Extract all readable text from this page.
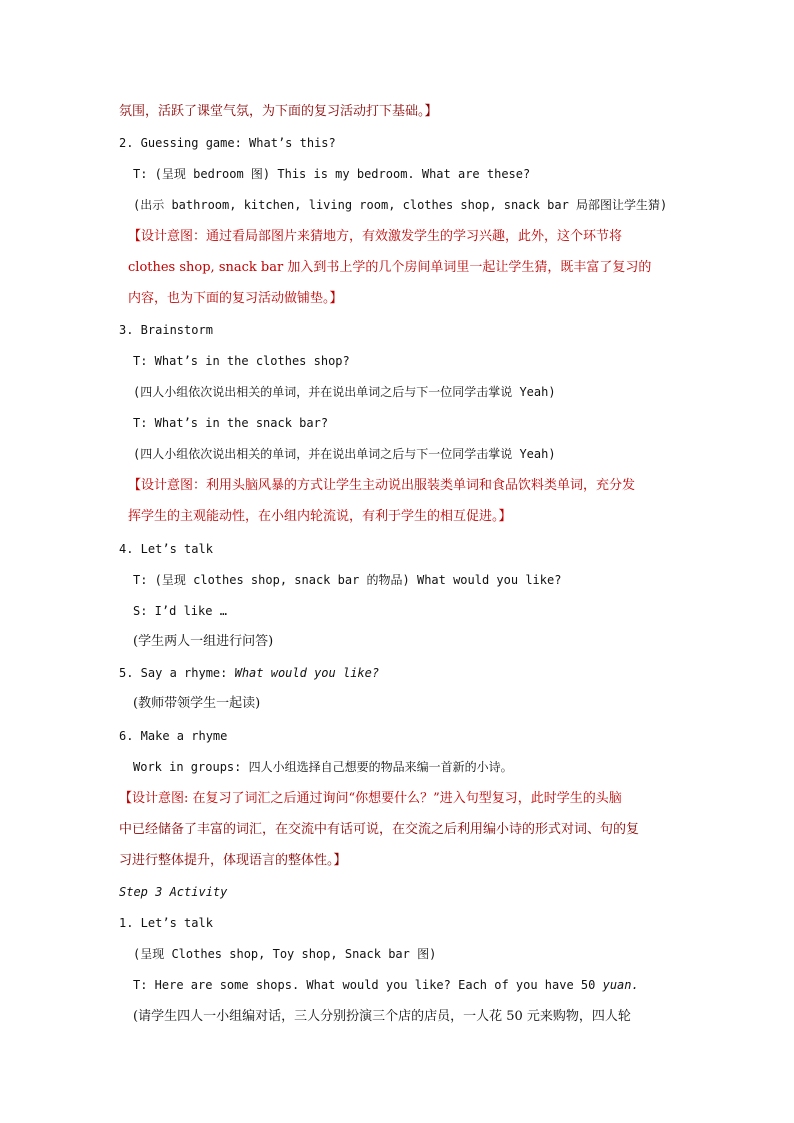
氛围，活跃了课堂气氛，为下面的复习活动打下基础。】
2. Guessing game: What’s this?
T: (呈现 bedroom 图) This is my bedroom. What are these?
(出示 bathroom, kitchen, living room, clothes shop, snack bar 局部图让学生猜)
【设计意图：通过看局部图片来猜地方，有效激发学生的学习兴趣，此外，这个环节将
clothes shop, snack bar 加入到书上学的几个房间单词里一起让学生猜，既丰富了复习的
内容，也为下面的复习活动做铺垫。】
3. Brainstorm
T: What’s in the clothes shop?
(四人小组依次说出相关的单词，并在说出单词之后与下一位同学击掌说 Yeah)
T: What’s in the snack bar?
(四人小组依次说出相关的单词，并在说出单词之后与下一位同学击掌说 Yeah)
【设计意图：利用头脑风暴的方式让学生主动说出服装类单词和食品饮料类单词，充分发
挥学生的主观能动性，在小组内轮流说，有利于学生的相互促进。】
4. Let’s talk
T: (呈现 clothes shop, snack bar 的物品) What would you like?
S: I’d like …
(学生两人一组进行问答)
5. Say a rhyme: What would you like?
(教师带领学生一起读)
6. Make a rhyme
Work in groups: 四人小组选择自己想要的物品来编一首新的小诗。
【设计意图: 在复习了词汇之后通过询问“你想要什么？”进入句型复习，此时学生的头脑
中已经储备了丰富的词汇，在交流中有话可说，在交流之后利用编小诗的形式对词、句的复
习进行整体提升，体现语言的整体性。】
Step 3 Activity
1. Let’s talk
(呈现 Clothes shop, Toy shop, Snack bar 图)
T: Here are some shops. What would you like? Each of you have 50 yuan.
(请学生四人一小组编对话，三人分别扮演三个店的店员，一人花 50 元来购物，四人轮
